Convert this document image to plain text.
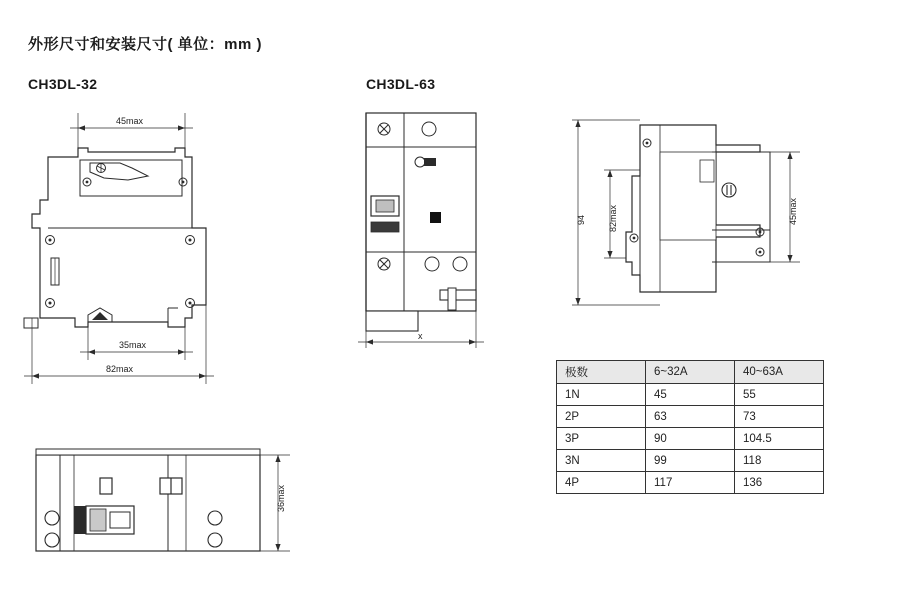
外形尺寸和安装尺寸( 单位：mm )
CH3DL-32	CH3DL-63
45max
35max
82max
x
94 82max	45max
36max
极数	6~32A	40~63A
1N	45	55
2P	63	73
3P	90	104.5
3N	99	118
4P	117	136
